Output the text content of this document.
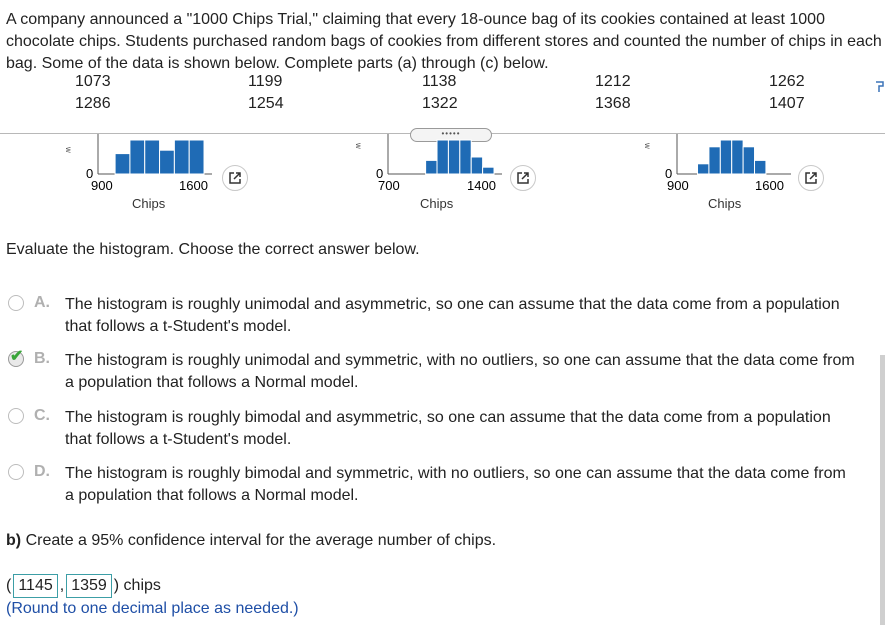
A company announced a "1000 Chips Trial," claiming that every 18-ounce bag of its cookies contained at least 1000 chocolate chips. Students purchased random bags of cookies from different stores and counted the number of chips in each bag. Some of the data is shown below. Complete parts (a) through (c) below.
1073	1199	1138	1212	1262
1286	1254	1322	1368	1407
•••••
w
0
900	1600
Chips
w
0
700	1400
Chips
w
0
900	1600
Chips
Evaluate the histogram. Choose the correct answer below.
A. The histogram is roughly unimodal and asymmetric, so one can assume that the data come from a population that follows a t-Student's model.
✔ B. The histogram is roughly unimodal and symmetric, with no outliers, so one can assume that the data come from a population that follows a Normal model.
C. The histogram is roughly bimodal and asymmetric, so one can assume that the data come from a population that follows a t-Student's model.
D. The histogram is roughly bimodal and symmetric, with no outliers, so one can assume that the data come from a population that follows a Normal model.
b) Create a 95% confidence interval for the average number of chips.
( 1145 , 1359 ) chips
(Round to one decimal place as needed.)
